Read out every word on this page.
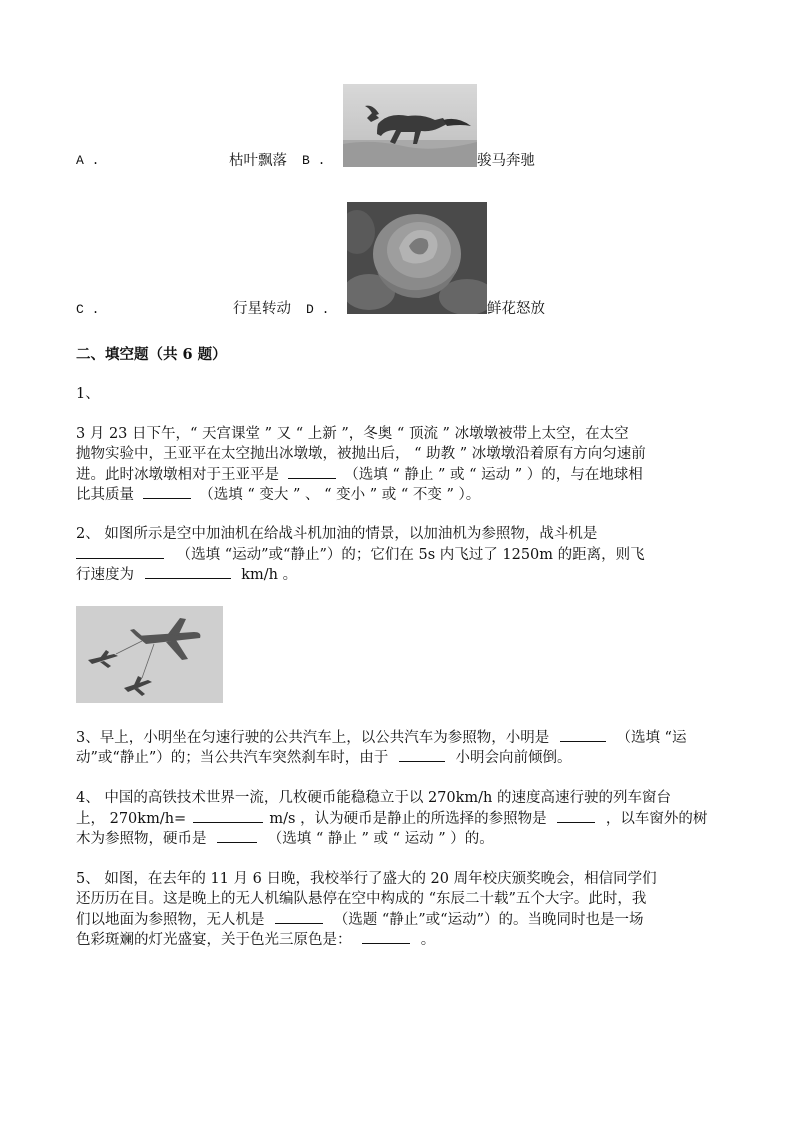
A .	枯叶飘落 B .	骏马奔驰
C .	行星转动 D .	鲜花怒放
二、填空题（共 6 题）
1、
3 月 23 日下午，“ 天宫课堂 ” 又 “ 上新 ”，冬奥 “ 顶流 ” 冰墩墩被带上太空，在太空
抛物实验中，王亚平在太空抛出冰墩墩，被抛出后， “ 助教 ” 冰墩墩沿着原有方向匀速前
进。此时冰墩墩相对于王亚平是	（选填 “ 静止 ” 或 “ 运动 ” ）的，与在地球相
比其质量	（选填 “ 变大 ” 、 “ 变小 ” 或 “ 不变 ” ）。
2、 如图所示是空中加油机在给战斗机加油的情景，以加油机为参照物，战斗机是
（选填 “运动”或“静止”）的；它们在 5s 内飞过了 1250m 的距离，则飞
行速度为	km/h 。
3、早上，小明坐在匀速行驶的公共汽车上，以公共汽车为参照物，小明是	（选填 “运
动”或“静止”）的；当公共汽车突然刹车时，由于	小明会向前倾倒。
4、 中国的高铁技术世界一流，几枚硬币能稳稳立于以 270km/h 的速度高速行驶的列车窗台
上， 270km/h=	m/s ，认为硬币是静止的所选择的参照物是	，以车窗外的树
木为参照物，硬币是	（选填 “ 静止 ” 或 “ 运动 ” ）的。
5、 如图，在去年的 11 月 6 日晚，我校举行了盛大的 20 周年校庆颁奖晚会，相信同学们
还历历在目。这是晚上的无人机编队悬停在空中构成的 “东辰二十载”五个大字。此时，我
们以地面为参照物，无人机是	（选题 “静止”或“运动”）的。当晚同时也是一场
色彩斑斓的灯光盛宴，关于色光三原色是：	。
